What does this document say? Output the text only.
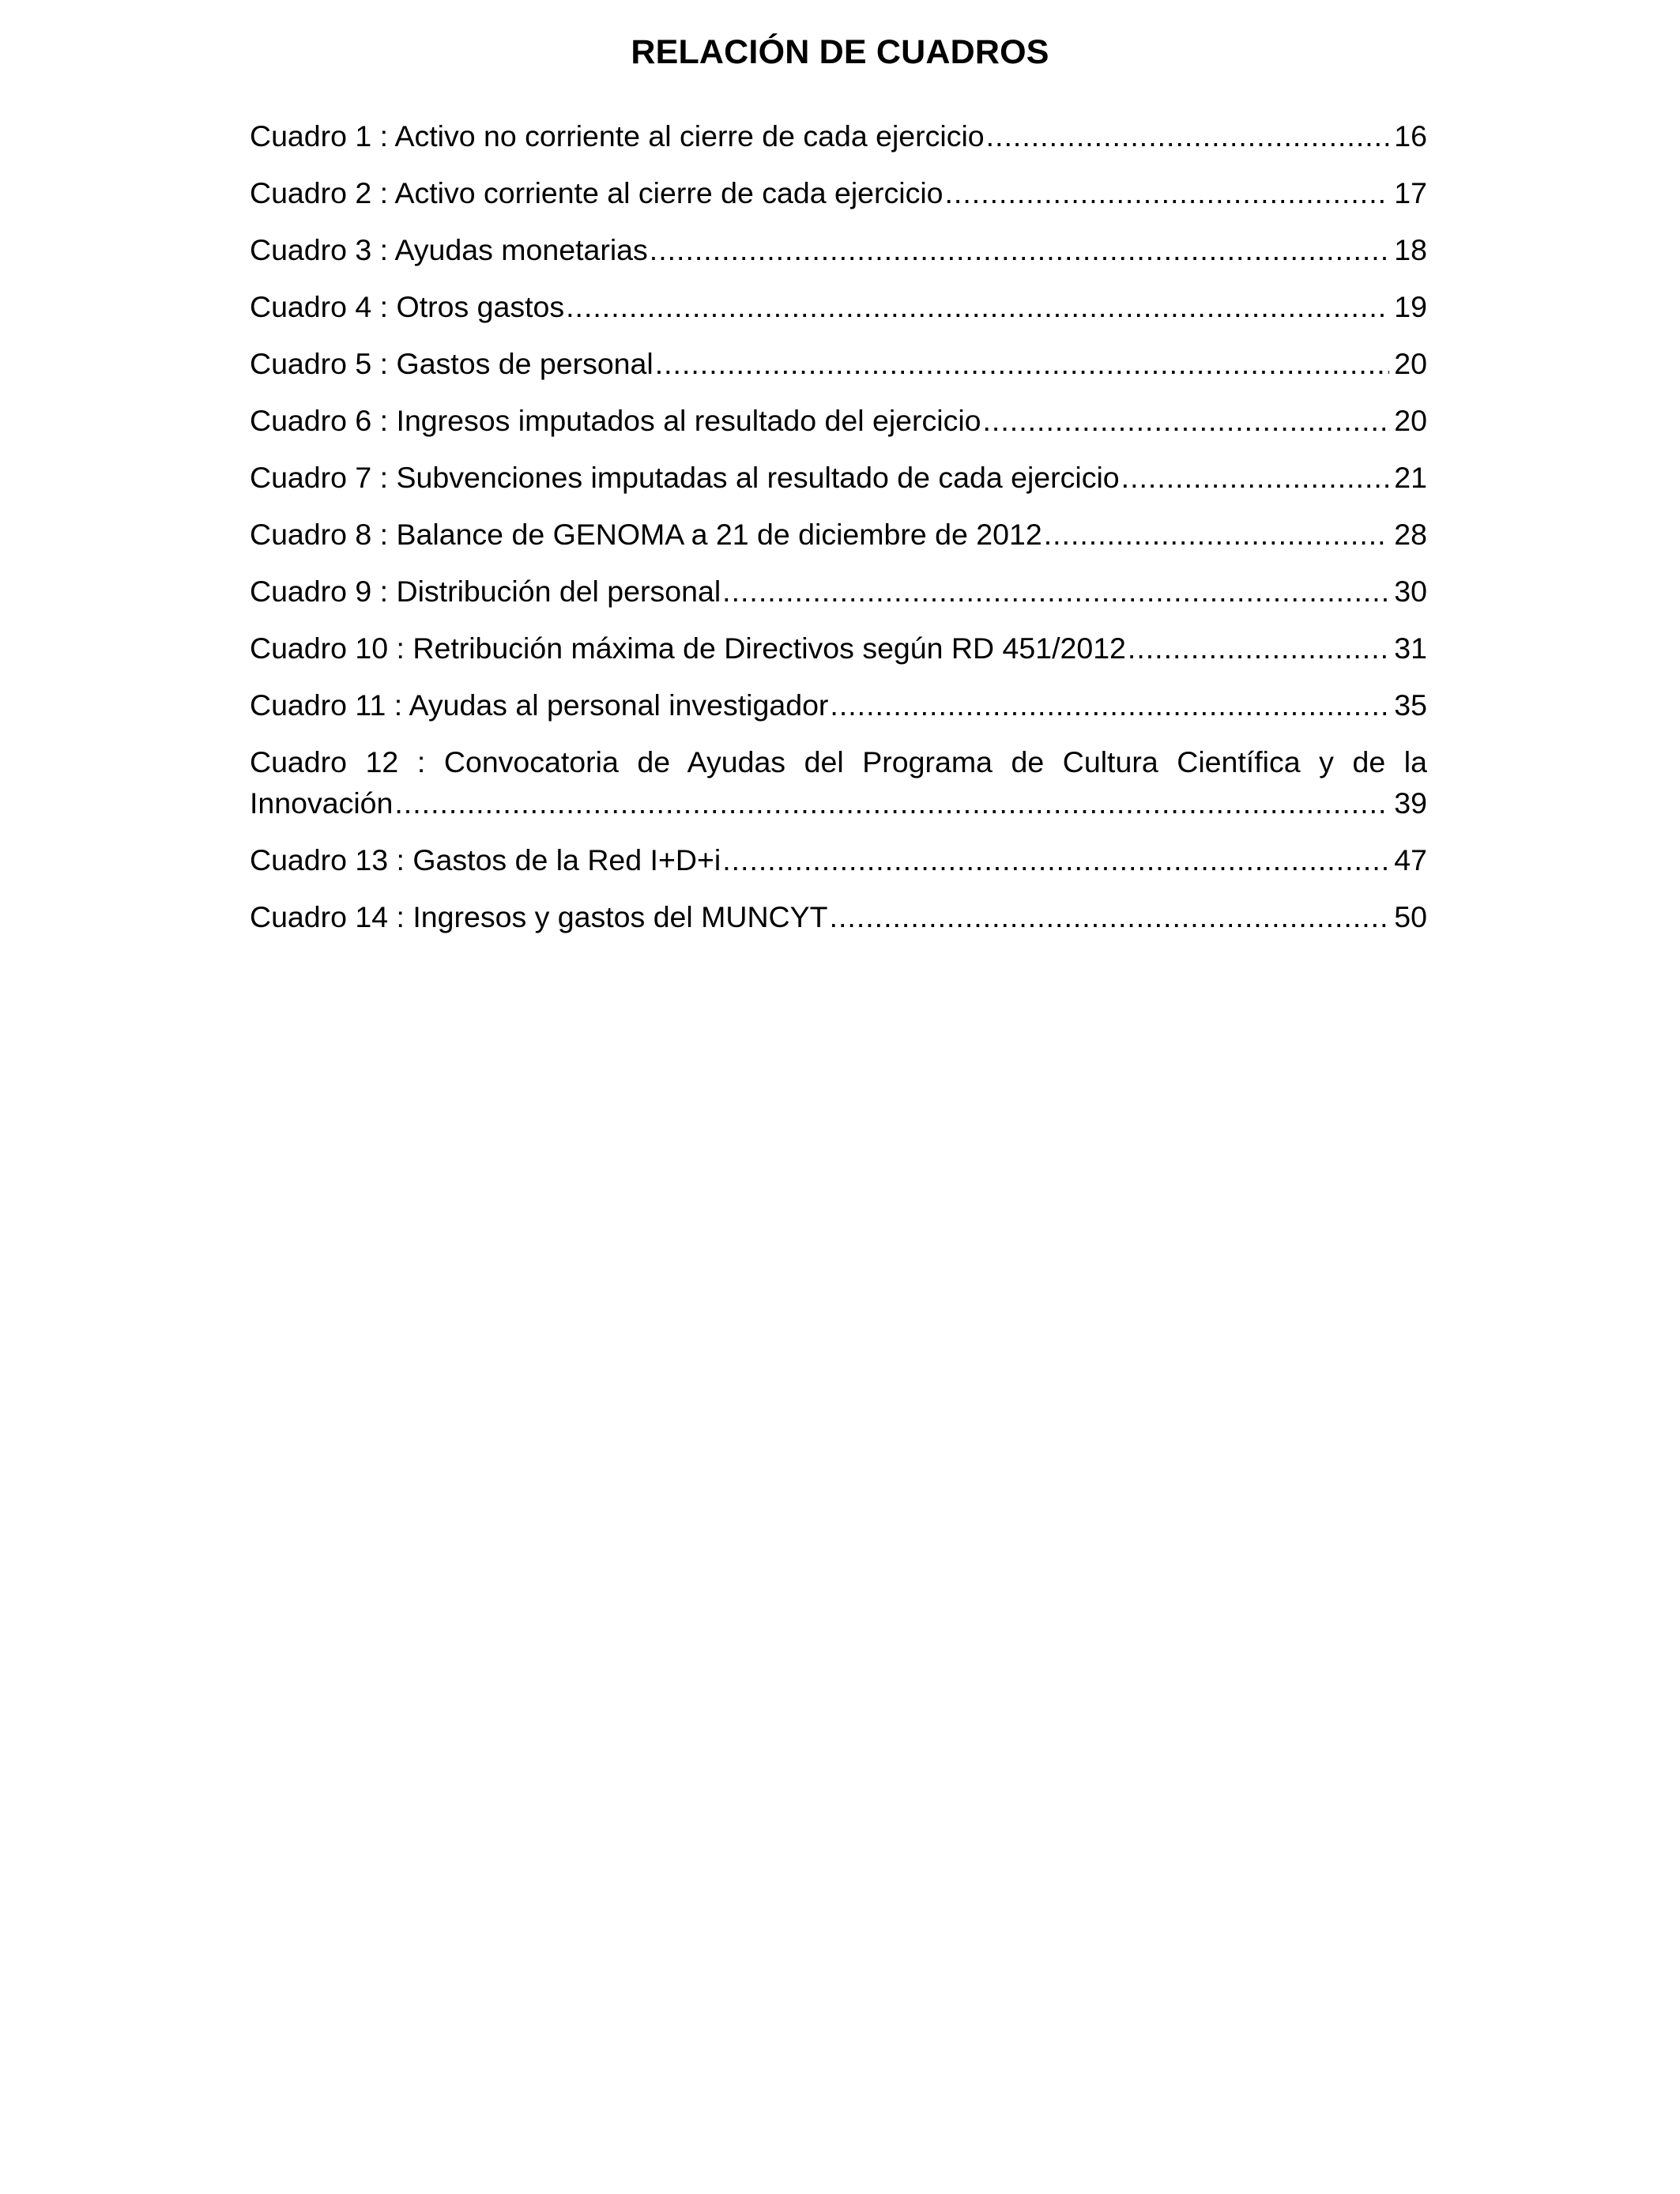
RELACIÓN DE CUADROS
Cuadro 1 : Activo no corriente al cierre de cada ejercicio .....	16
Cuadro 2 : Activo corriente al cierre de cada ejercicio .....	17
Cuadro 3 : Ayudas monetarias .....	18
Cuadro 4 : Otros gastos .....	19
Cuadro 5 : Gastos de personal .....	20
Cuadro 6 : Ingresos imputados al resultado del ejercicio .....	20
Cuadro 7 : Subvenciones imputadas al resultado de cada ejercicio .....	21
Cuadro 8 : Balance de GENOMA a 21 de diciembre de 2012 .....	28
Cuadro 9 : Distribución del personal .....	30
Cuadro 10 : Retribución máxima de Directivos según RD 451/2012 .....	31
Cuadro 11 : Ayudas al personal investigador .....	35
Cuadro 12 : Convocatoria de Ayudas del Programa de Cultura Científica y de la
Innovación .....	39
Cuadro 13 : Gastos de la Red I+D+i .....	47
Cuadro 14 : Ingresos y gastos del MUNCYT .....	50
